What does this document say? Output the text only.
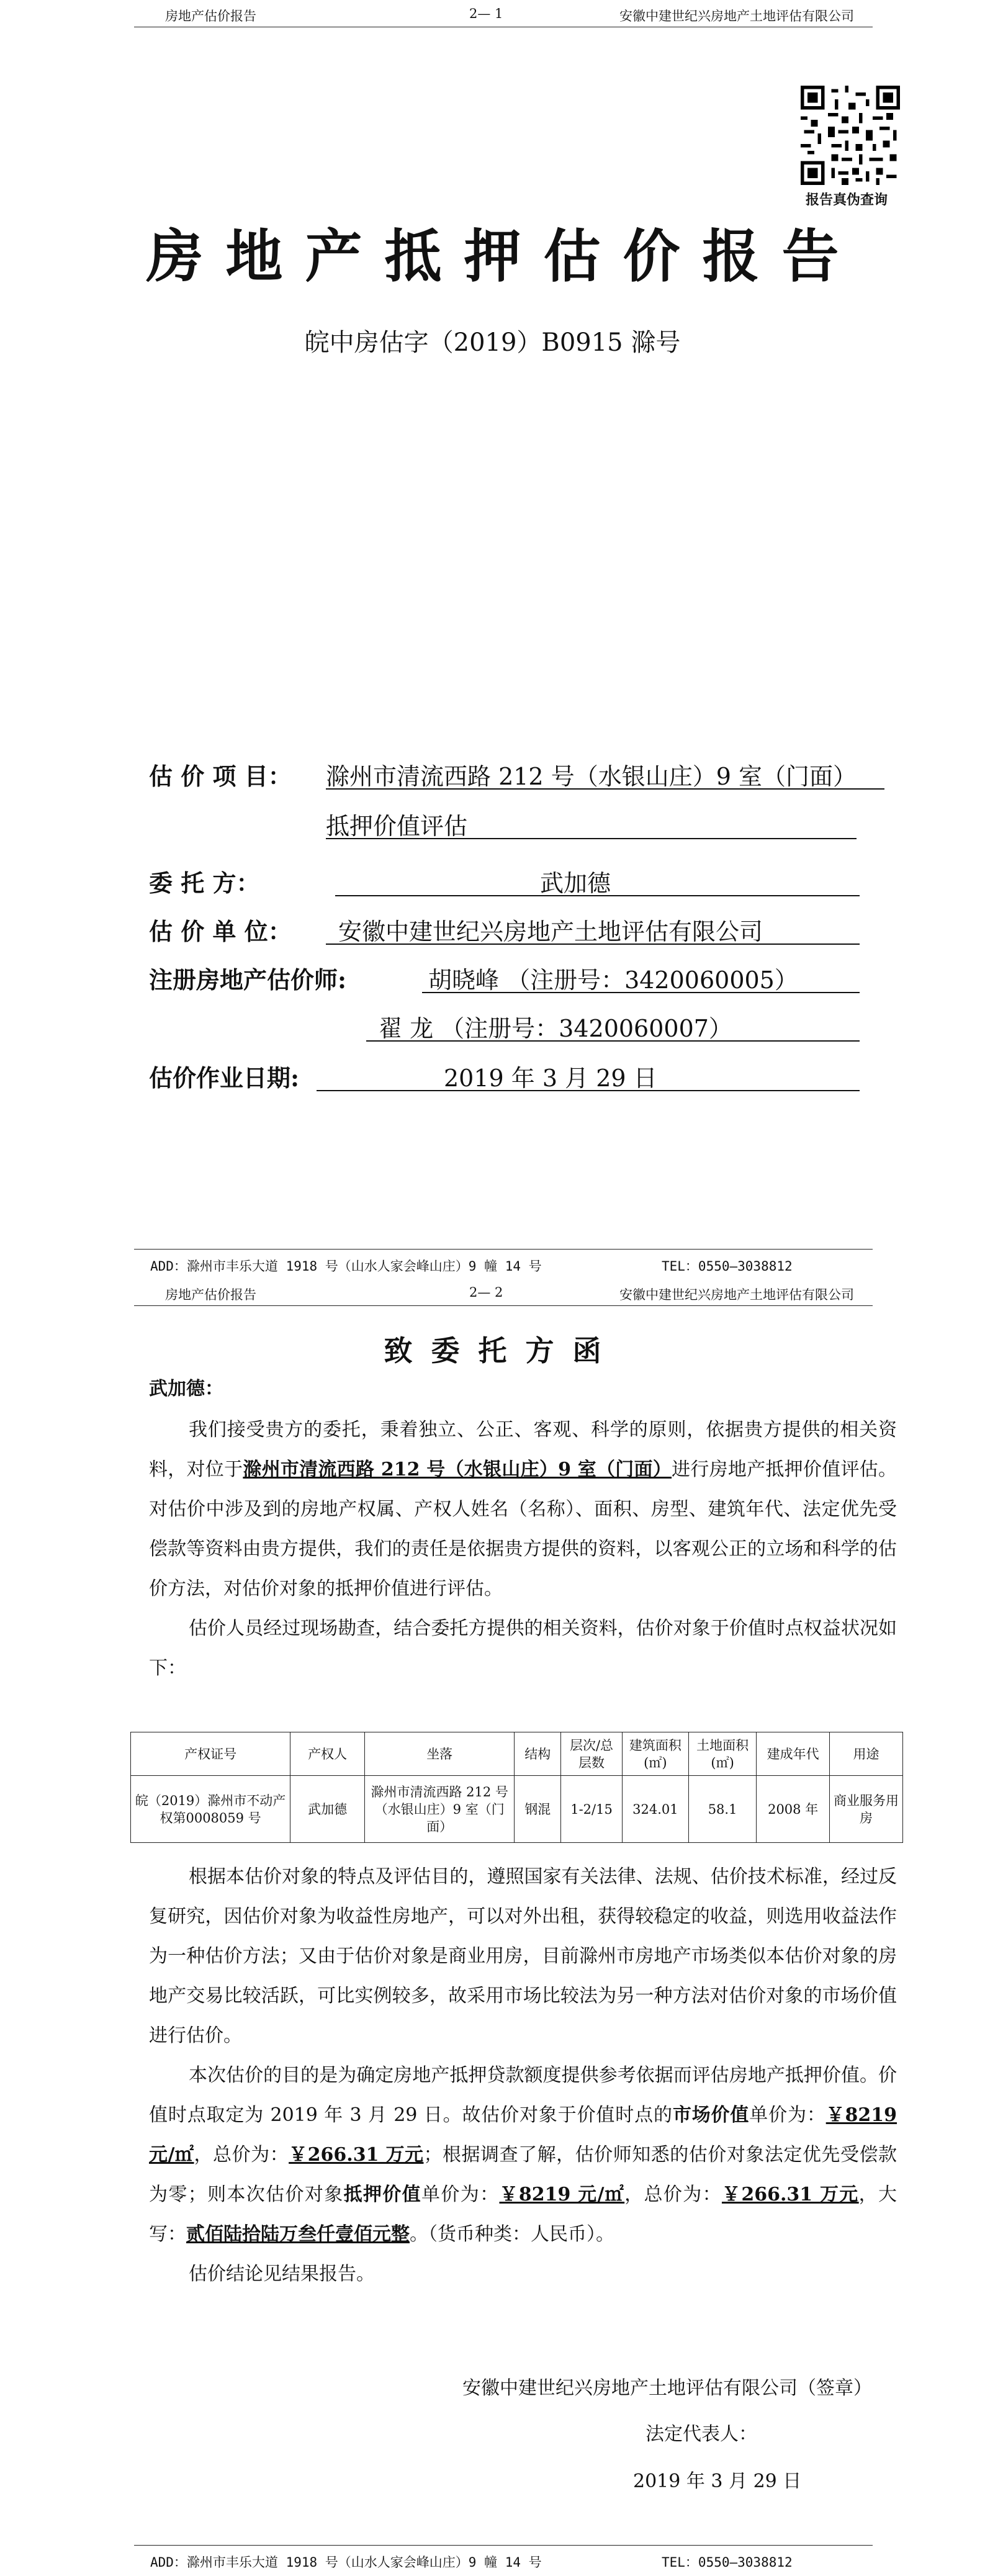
房地产估价报告	2— 1	安徽中建世纪兴房地产土地评估有限公司
报告真伪查询
房地产抵押估价报告
皖中房估字（2019）B0915 滁号
估 价 项 目： 滁州市清流西路 212 号（水银山庄）9 室（门面）
抵押价值评估
委 托 方：	武加德
估 价 单 位： 安徽中建世纪兴房地产土地评估有限公司
注册房地产估价师:	胡晓峰 （注册号：3420060005）
翟 龙 （注册号：3420060007）
估价作业日期:	2019 年 3 月 29 日
ADD：滁州市丰乐大道 1918 号（山水人家会峰山庄）9 幢 14 号	TEL：0550—3038812
房地产估价报告	2— 2	安徽中建世纪兴房地产土地评估有限公司
致委托方函
武加德：
我们接受贵方的委托，秉着独立、公正、客观、科学的原则，依据贵方提供的相关资料，对位于滁州市清流西路 212 号（水银山庄）9 室（门面）进行房地产抵押价值评估。对估价中涉及到的房地产权属、产权人姓名（名称）、面积、房型、建筑年代、法定优先受偿款等资料由贵方提供，我们的责任是依据贵方提供的资料，以客观公正的立场和科学的估价方法，对估价对象的抵押价值进行评估。
估价人员经过现场勘查，结合委托方提供的相关资料，估价对象于价值时点权益状况如下：
产权证号	产权人	坐落	结构	层次/总层数	建筑面积(㎡)	土地面积(㎡)	建成年代	用途
皖（2019）滁州市不动产权第0008059 号	武加德	滁州市清流西路 212 号（水银山庄）9 室（门面）	钢混	1-2/15	324.01	58.1	2008 年	商业服务用房
根据本估价对象的特点及评估目的，遵照国家有关法律、法规、估价技术标准，经过反复研究，因估价对象为收益性房地产，可以对外出租，获得较稳定的收益，则选用收益法作为一种估价方法；又由于估价对象是商业用房，目前滁州市房地产市场类似本估价对象的房地产交易比较活跃，可比实例较多，故采用市场比较法为另一种方法对估价对象的市场价值进行估价。
本次估价的目的是为确定房地产抵押贷款额度提供参考依据而评估房地产抵押价值。价值时点取定为 2019 年 3 月 29 日。故估价对象于价值时点的市场价值单价为：￥8219 元/㎡，总价为：￥266.31 万元；根据调查了解，估价师知悉的估价对象法定优先受偿款为零；则本次估价对象抵押价值单价为：￥8219 元/㎡，总价为：￥266.31 万元，大写：贰佰陆拾陆万叁仟壹佰元整。（货币种类：人民币）。
估价结论见结果报告。
安徽中建世纪兴房地产土地评估有限公司（签章）
法定代表人：
2019 年 3 月 29 日
ADD：滁州市丰乐大道 1918 号（山水人家会峰山庄）9 幢 14 号	TEL：0550—3038812
